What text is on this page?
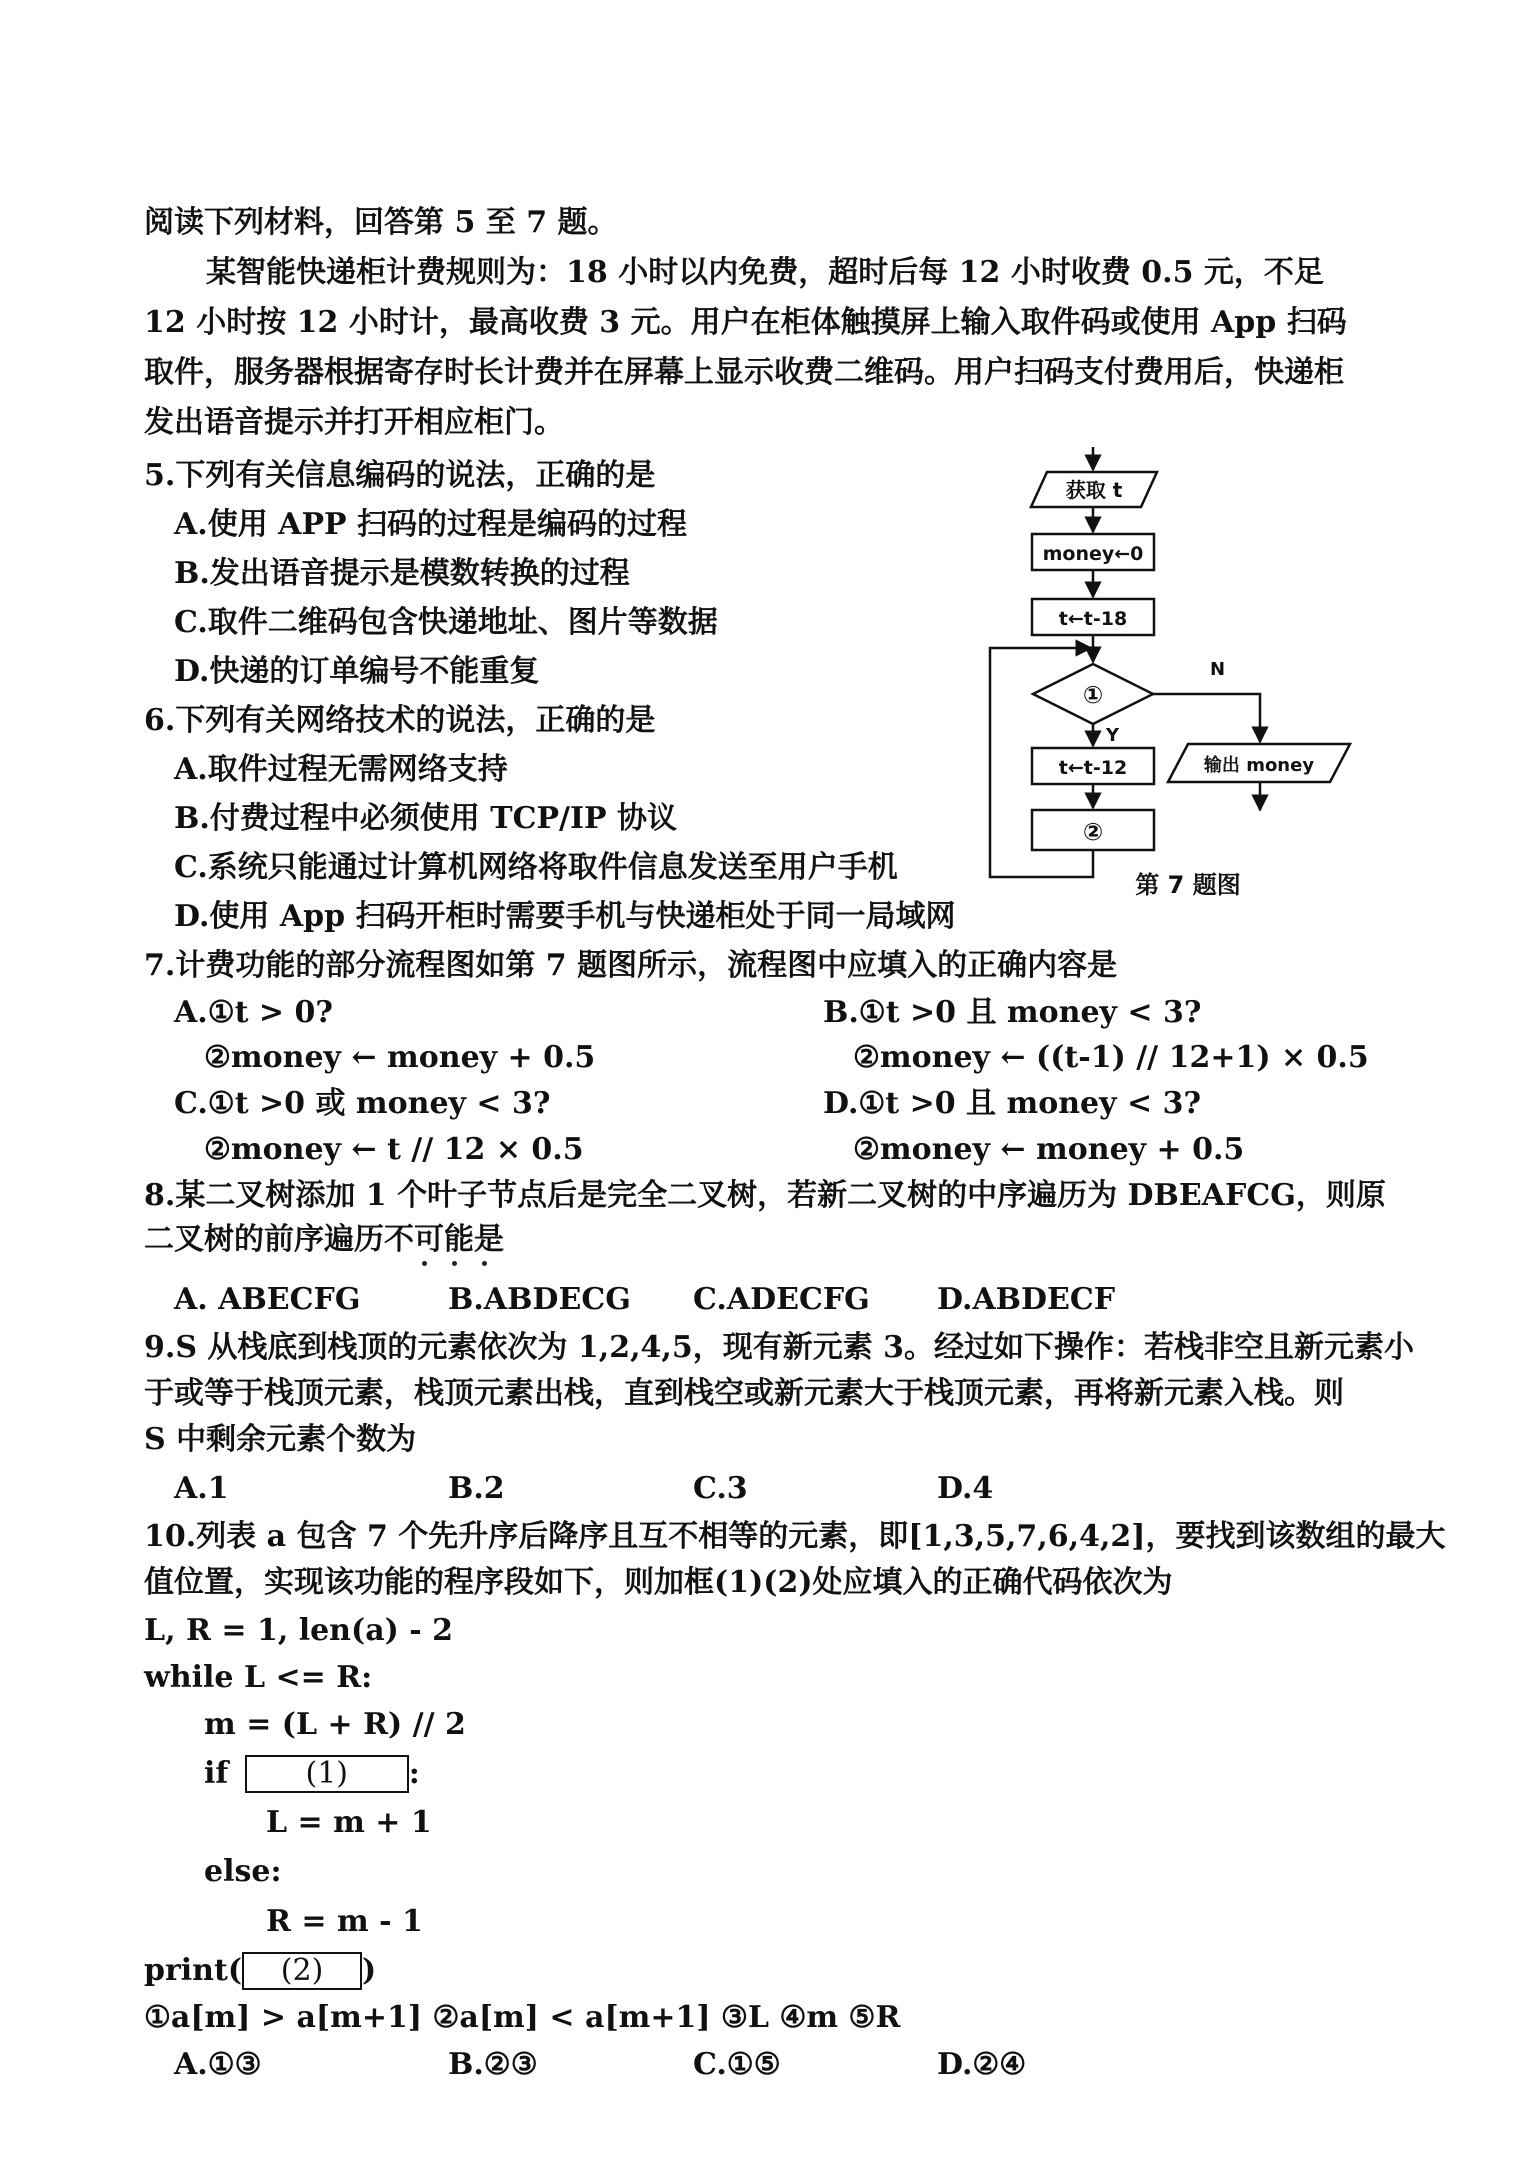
阅读下列材料，回答第 5 至 7 题。
某智能快递柜计费规则为：18 小时以内免费，超时后每 12 小时收费 0.5 元，不足 12 小时按 12 小时计，最高收费 3 元。用户在柜体触摸屏上输入取件码或使用 App 扫码取件，服务器根据寄存时长计费并在屏幕上显示收费二维码。用户扫码支付费用后，快递柜发出语音提示并打开相应柜门。
5.下列有关信息编码的说法，正确的是
A.使用 APP 扫码的过程是编码的过程
B.发出语音提示是模数转换的过程
C.取件二维码包含快递地址、图片等数据
D.快递的订单编号不能重复
6.下列有关网络技术的说法，正确的是
A.取件过程无需网络支持
B.付费过程中必须使用 TCP/IP 协议
C.系统只能通过计算机网络将取件信息发送至用户手机
D.使用 App 扫码开柜时需要手机与快递柜处于同一局域网
获取 t
money←0
t←t-18
①
Y
N
t←t-12
②
输出 money
第 7 题图
7.计费功能的部分流程图如第 7 题图所示，流程图中应填入的正确内容是
A.①t > 0?	B.①t >0 且 money < 3?
②money ← money + 0.5	②money ← ((t-1) // 12+1) × 0.5
C.①t >0 或 money < 3?	D.①t >0 且 money < 3?
②money ← t // 12 × 0.5	②money ← money + 0.5
8.某二叉树添加 1 个叶子节点后是完全二叉树，若新二叉树的中序遍历为 DBEAFCG，则原
二叉树的前序遍历不可能是
A. ABECFG	B.ABDECG C.ADECFG D.ABDECF
9.S 从栈底到栈顶的元素依次为 1,2,4,5，现有新元素 3。经过如下操作：若栈非空且新元素小
于或等于栈顶元素，栈顶元素出栈，直到栈空或新元素大于栈顶元素，再将新元素入栈。则
S 中剩余元素个数为
A.1	B.2	C.3	D.4
10.列表 a 包含 7 个先升序后降序且互不相等的元素，即[1,3,5,7,6,4,2]，要找到该数组的最大
值位置，实现该功能的程序段如下，则加框(1)(2)处应填入的正确代码依次为
L, R = 1, len(a) - 2
while L <= R:
m = (L + R) // 2
if	(1) :
L = m + 1
else:
R = m - 1
print( (2) )
①a[m] > a[m+1] ②a[m] < a[m+1] ③L ④m ⑤R
A.①③	B.②③	C.①⑤	D.②④
